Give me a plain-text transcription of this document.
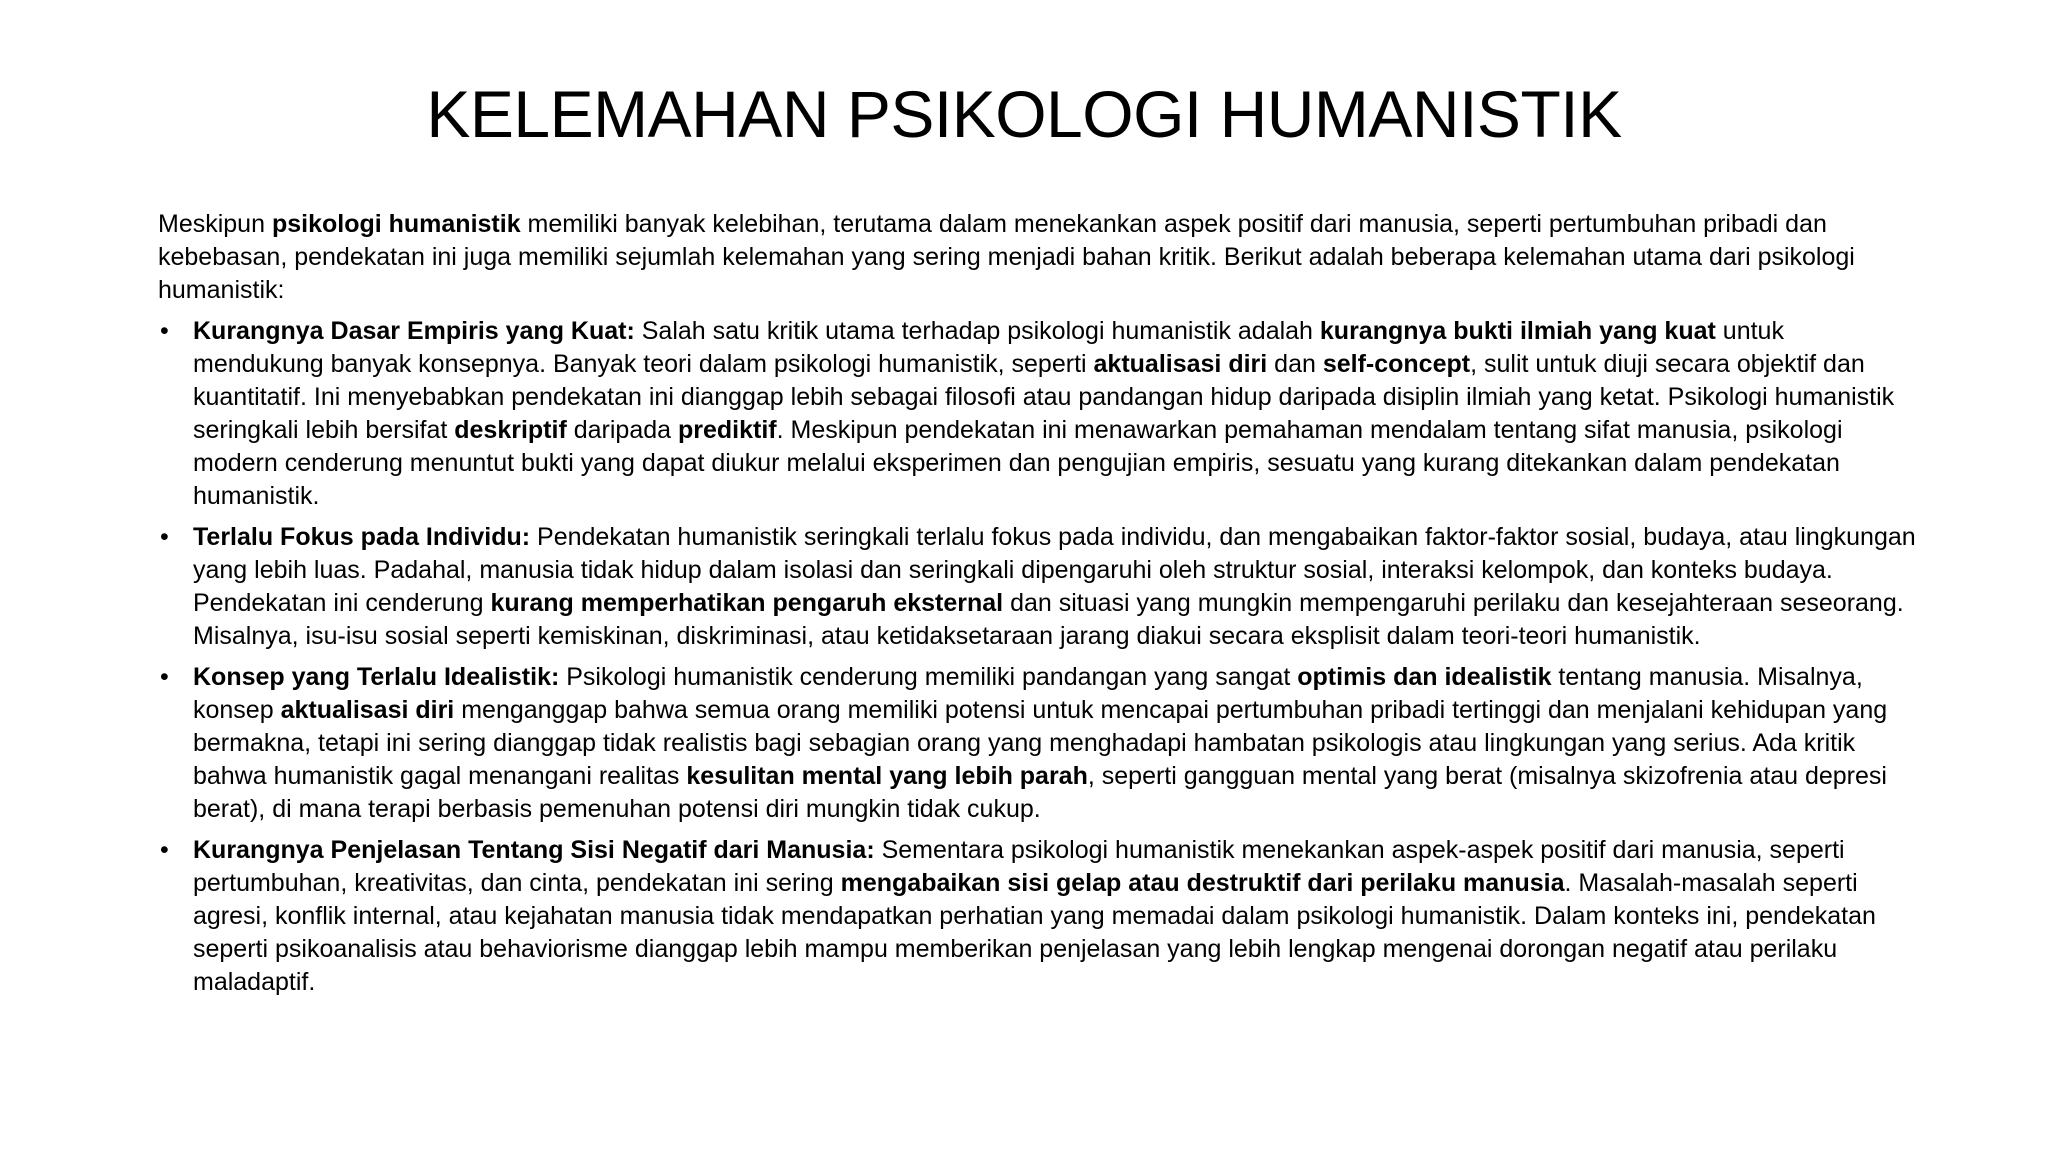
KELEMAHAN PSIKOLOGI HUMANISTIK

Meskipun psikologi humanistik memiliki banyak kelebihan, terutama dalam menekankan aspek positif dari manusia, seperti pertumbuhan pribadi dan kebebasan, pendekatan ini juga memiliki sejumlah kelemahan yang sering menjadi bahan kritik. Berikut adalah beberapa kelemahan utama dari psikologi humanistik:

• Kurangnya Dasar Empiris yang Kuat: Salah satu kritik utama terhadap psikologi humanistik adalah kurangnya bukti ilmiah yang kuat untuk mendukung banyak konsepnya. Banyak teori dalam psikologi humanistik, seperti aktualisasi diri dan self-concept, sulit untuk diuji secara objektif dan kuantitatif. Ini menyebabkan pendekatan ini dianggap lebih sebagai filosofi atau pandangan hidup daripada disiplin ilmiah yang ketat. Psikologi humanistik seringkali lebih bersifat deskriptif daripada prediktif. Meskipun pendekatan ini menawarkan pemahaman mendalam tentang sifat manusia, psikologi modern cenderung menuntut bukti yang dapat diukur melalui eksperimen dan pengujian empiris, sesuatu yang kurang ditekankan dalam pendekatan humanistik.
• Terlalu Fokus pada Individu: Pendekatan humanistik seringkali terlalu fokus pada individu, dan mengabaikan faktor-faktor sosial, budaya, atau lingkungan yang lebih luas. Padahal, manusia tidak hidup dalam isolasi dan seringkali dipengaruhi oleh struktur sosial, interaksi kelompok, dan konteks budaya. Pendekatan ini cenderung kurang memperhatikan pengaruh eksternal dan situasi yang mungkin mempengaruhi perilaku dan kesejahteraan seseorang. Misalnya, isu-isu sosial seperti kemiskinan, diskriminasi, atau ketidaksetaraan jarang diakui secara eksplisit dalam teori-teori humanistik.
• Konsep yang Terlalu Idealistik: Psikologi humanistik cenderung memiliki pandangan yang sangat optimis dan idealistik tentang manusia. Misalnya, konsep aktualisasi diri menganggap bahwa semua orang memiliki potensi untuk mencapai pertumbuhan pribadi tertinggi dan menjalani kehidupan yang bermakna, tetapi ini sering dianggap tidak realistis bagi sebagian orang yang menghadapi hambatan psikologis atau lingkungan yang serius. Ada kritik bahwa humanistik gagal menangani realitas kesulitan mental yang lebih parah, seperti gangguan mental yang berat (misalnya skizofrenia atau depresi berat), di mana terapi berbasis pemenuhan potensi diri mungkin tidak cukup.
• Kurangnya Penjelasan Tentang Sisi Negatif dari Manusia: Sementara psikologi humanistik menekankan aspek-aspek positif dari manusia, seperti pertumbuhan, kreativitas, dan cinta, pendekatan ini sering mengabaikan sisi gelap atau destruktif dari perilaku manusia. Masalah-masalah seperti agresi, konflik internal, atau kejahatan manusia tidak mendapatkan perhatian yang memadai dalam psikologi humanistik. Dalam konteks ini, pendekatan seperti psikoanalisis atau behaviorisme dianggap lebih mampu memberikan penjelasan yang lebih lengkap mengenai dorongan negatif atau perilaku maladaptif.
